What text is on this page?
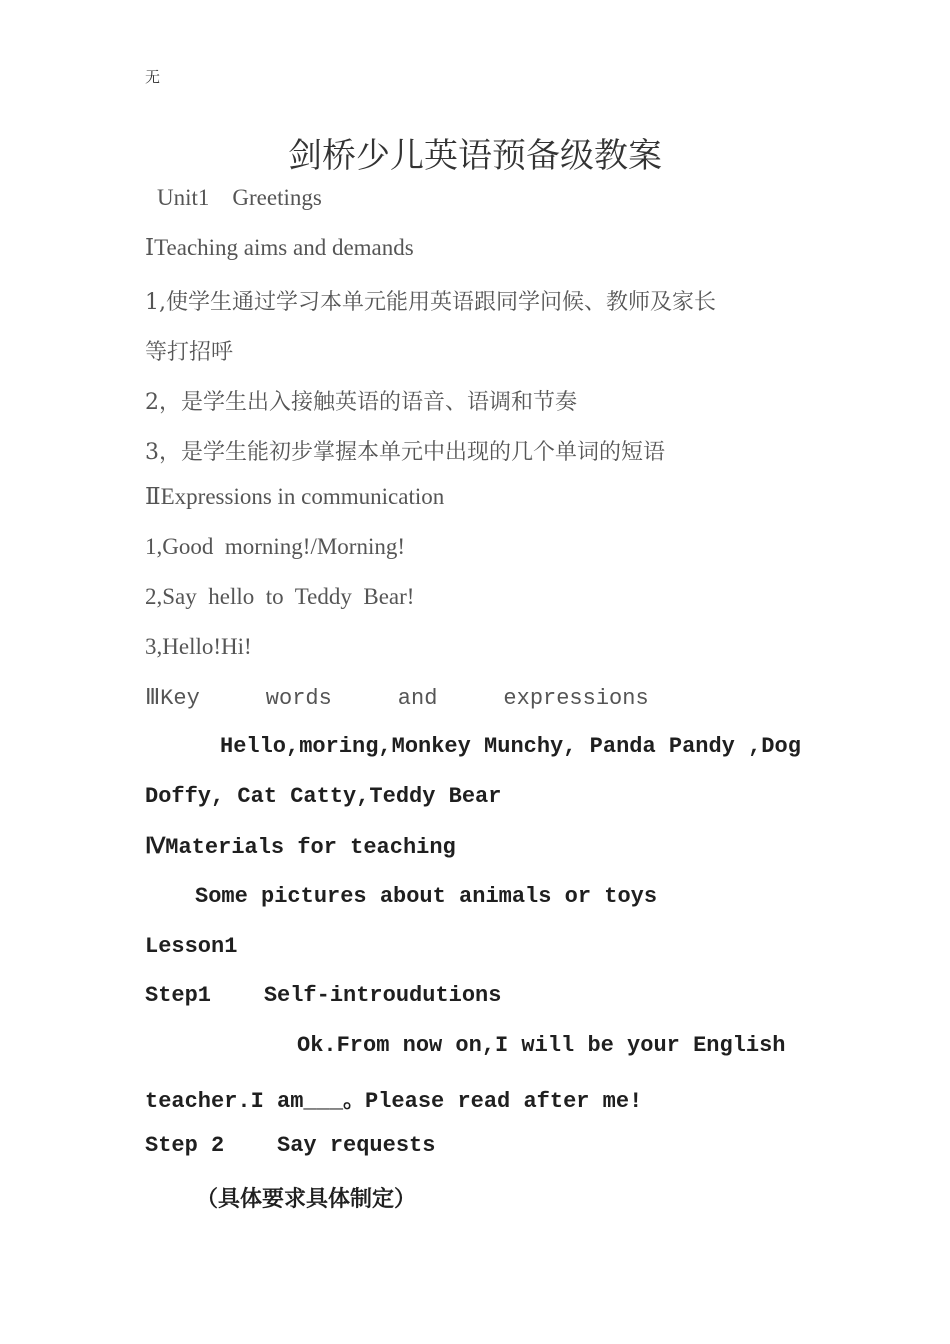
无
剑桥少儿英语预备级教案
Unit1    Greetings
ⅠTeaching aims and demands
1,使学生通过学习本单元能用英语跟同学问候、教师及家长
等打招呼
2，是学生出入接触英语的语音、语调和节奏
3，是学生能初步掌握本单元中出现的几个单词的短语
ⅡExpressions in communication
1,Good  morning!/Morning!
2,Say  hello  to  Teddy  Bear!
3,Hello!Hi!
ⅢKey     words     and     expressions
Hello,moring,Monkey Munchy, Panda Pandy ,Dog
Doffy, Cat Catty,Teddy Bear
ⅣMaterials for teaching
Some pictures about animals or toys
Lesson1
Step1    Self-introudutions
Ok.From now on,I will be your English
teacher.I am___。Please read after me!
Step 2    Say requests
（具体要求具体制定）
